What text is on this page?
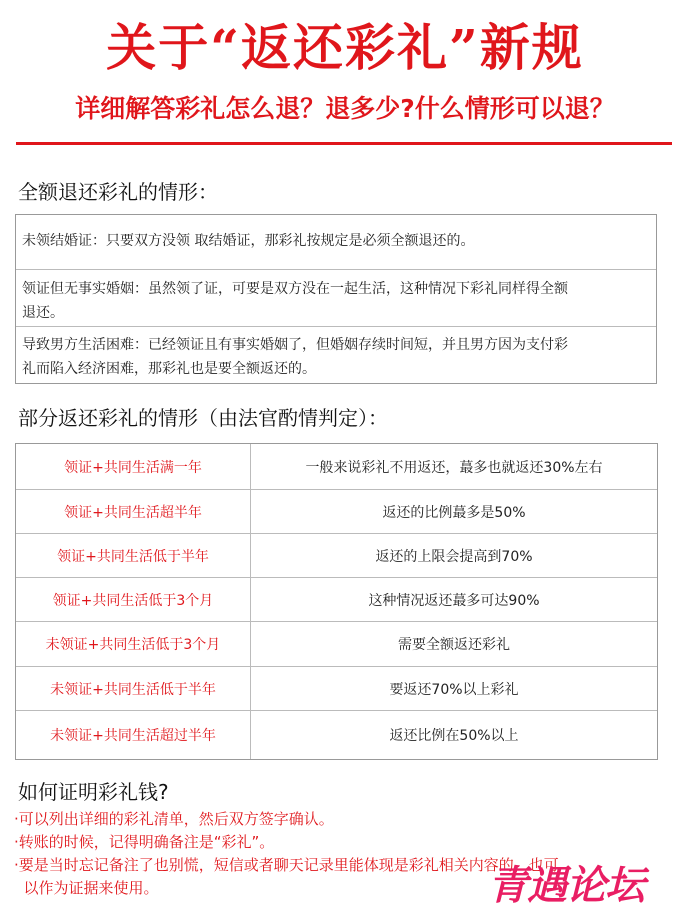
关于“返还彩礼”新规
详细解答彩礼怎么退？退多少?什么情形可以退？
全额退还彩礼的情形：
未领结婚证：只要双方没领 取结婚证，那彩礼按规定是必须全额退还的。
领证但无事实婚姻：虽然领了证，可要是双方没在一起生活，这种情况下彩礼同样得全额
退还。
导致男方生活困难：已经领证且有事实婚姻了，但婚姻存续时间短，并且男方因为支付彩
礼而陷入经济困难，那彩礼也是要全额返还的。
部分返还彩礼的情形（由法官酌情判定）：
领证+共同生活满一年	一般来说彩礼不用返还，蕞多也就返还30%左右
领证+共同生活超半年	返还的比例蕞多是50%
领证+共同生活低于半年	返还的上限会提高到70%
领证+共同生活低于3个月	这种情况返还蕞多可达90%
未领证+共同生活低于3个月	需要全额返还彩礼
未领证+共同生活低于半年	要返还70%以上彩礼
未领证+共同生活超过半年	返还比例在50%以上
如何证明彩礼钱?
·可以列出详细的彩礼清单，然后双方签字确认。
·转账的时候，记得明确备注是“彩礼”。
·要是当时忘记备注了也别慌，短信或者聊天记录里能体现是彩礼相关内容的，也可
以作为证据来使用。	青遇论坛
